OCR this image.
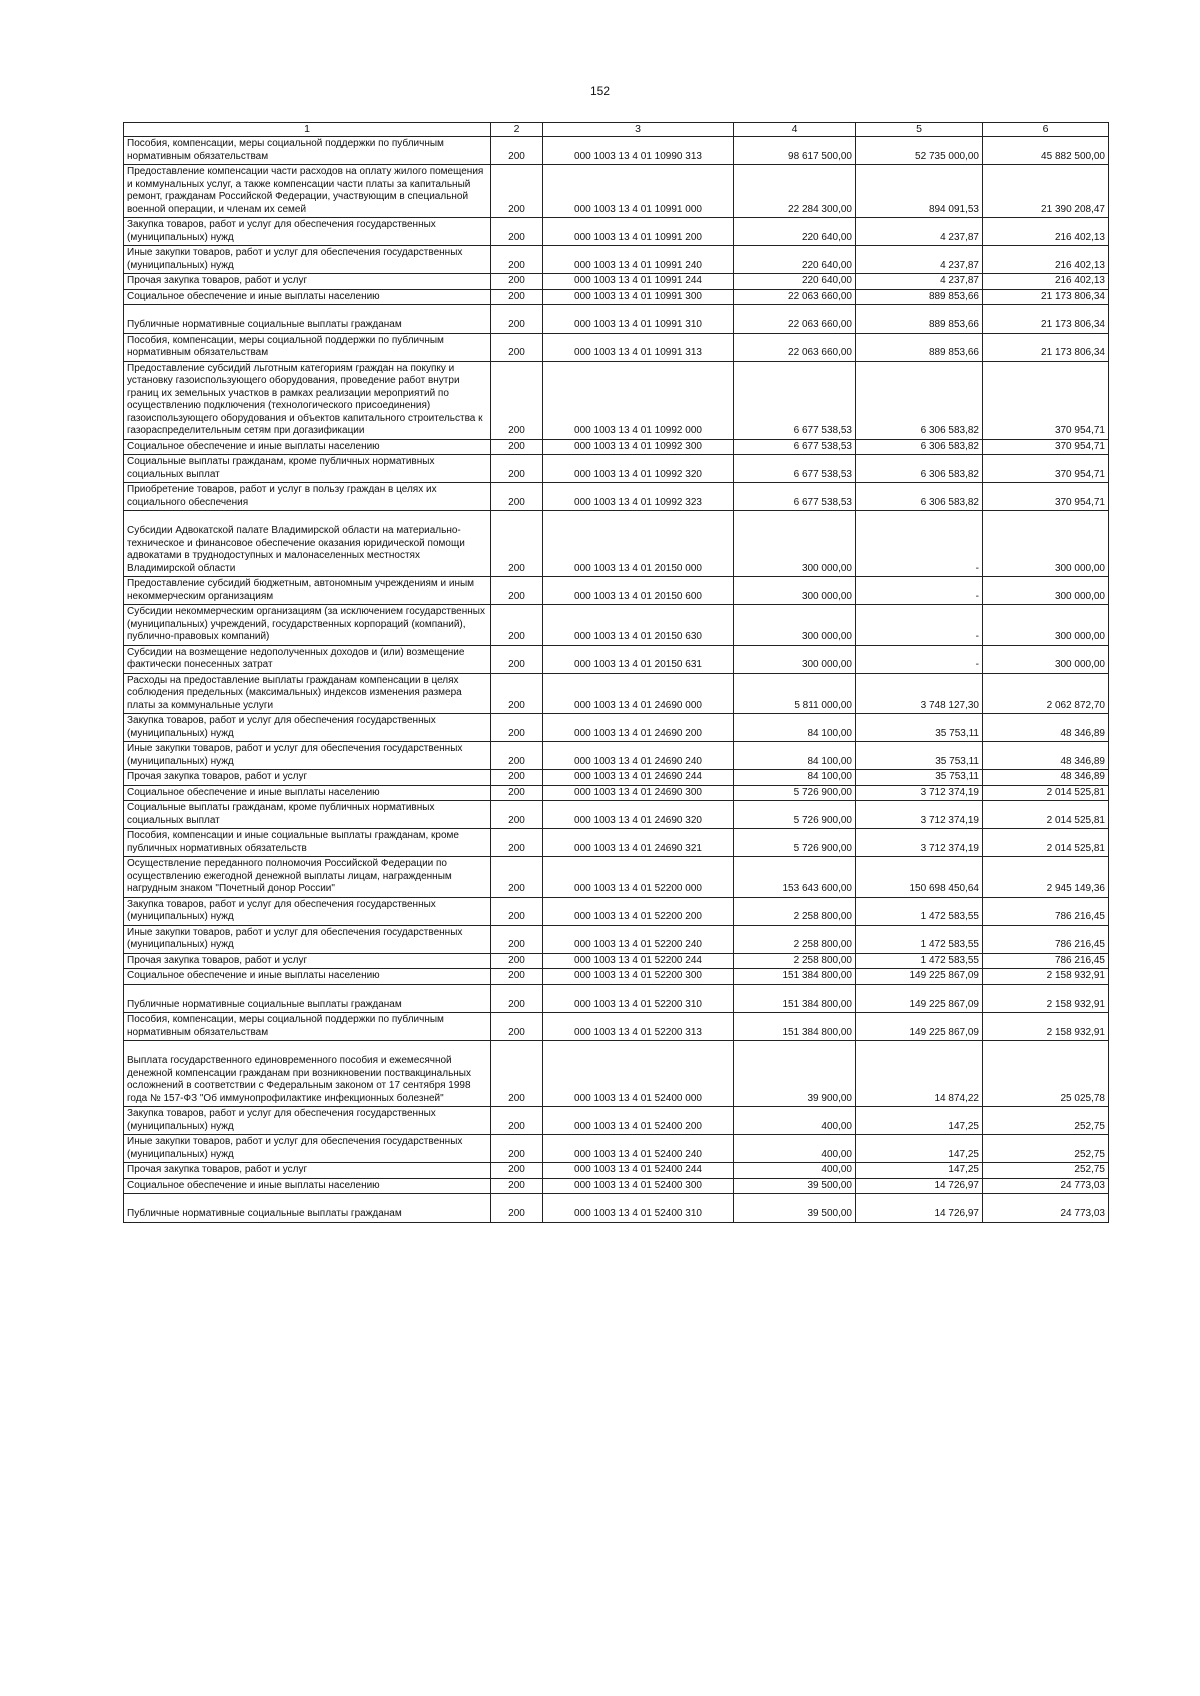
152
1	2	3	4	5	6
Пособия, компенсации, меры социальной поддержки по публичным нормативным обязательствам	200	000 1003 13 4 01 10990 313	98 617 500,00	52 735 000,00	45 882 500,00
Предоставление компенсации части расходов на оплату жилого помещения и коммунальных услуг, а также компенсации части платы за капитальный ремонт, гражданам Российской Федерации, участвующим в специальной военной операции, и членам их семей	200	000 1003 13 4 01 10991 000	22 284 300,00	894 091,53	21 390 208,47
Закупка товаров, работ и услуг для обеспечения государственных (муниципальных) нужд	200	000 1003 13 4 01 10991 200	220 640,00	4 237,87	216 402,13
Иные закупки товаров, работ и услуг для обеспечения государственных (муниципальных) нужд	200	000 1003 13 4 01 10991 240	220 640,00	4 237,87	216 402,13
Прочая закупка товаров, работ и услуг	200	000 1003 13 4 01 10991 244	220 640,00	4 237,87	216 402,13
Социальное обеспечение и иные выплаты населению	200	000 1003 13 4 01 10991 300	22 063 660,00	889 853,66	21 173 806,34
Публичные нормативные социальные выплаты гражданам	200	000 1003 13 4 01 10991 310	22 063 660,00	889 853,66	21 173 806,34
Пособия, компенсации, меры социальной поддержки по публичным нормативным обязательствам	200	000 1003 13 4 01 10991 313	22 063 660,00	889 853,66	21 173 806,34
Предоставление субсидий льготным категориям граждан на покупку и установку газоиспользующего оборудования, проведение работ внутри границ их земельных участков в рамках реализации мероприятий по осуществлению подключения (технологического присоединения) газоиспользующего оборудования и объектов капитального строительства к газораспределительным сетям при догазификации	200	000 1003 13 4 01 10992 000	6 677 538,53	6 306 583,82	370 954,71
Социальное обеспечение и иные выплаты населению	200	000 1003 13 4 01 10992 300	6 677 538,53	6 306 583,82	370 954,71
Социальные выплаты гражданам, кроме публичных нормативных социальных выплат	200	000 1003 13 4 01 10992 320	6 677 538,53	6 306 583,82	370 954,71
Приобретение товаров, работ и услуг в пользу граждан в целях их социального обеспечения	200	000 1003 13 4 01 10992 323	6 677 538,53	6 306 583,82	370 954,71
Субсидии Адвокатской палате Владимирской области на материально-техническое и финансовое обеспечение оказания юридической помощи адвокатами в труднодоступных и малонаселенных местностях Владимирской области	200	000 1003 13 4 01 20150 000	300 000,00	-	300 000,00
Предоставление субсидий бюджетным, автономным учреждениям и иным некоммерческим организациям	200	000 1003 13 4 01 20150 600	300 000,00	-	300 000,00
Субсидии некоммерческим организациям (за исключением государственных (муниципальных) учреждений, государственных корпораций (компаний), публично-правовых компаний)	200	000 1003 13 4 01 20150 630	300 000,00	-	300 000,00
Субсидии на возмещение недополученных доходов и (или) возмещение фактически понесенных затрат	200	000 1003 13 4 01 20150 631	300 000,00	-	300 000,00
Расходы на предоставление выплаты гражданам компенсации в целях соблюдения предельных (максимальных) индексов изменения размера платы за коммунальные услуги	200	000 1003 13 4 01 24690 000	5 811 000,00	3 748 127,30	2 062 872,70
Закупка товаров, работ и услуг для обеспечения государственных (муниципальных) нужд	200	000 1003 13 4 01 24690 200	84 100,00	35 753,11	48 346,89
Иные закупки товаров, работ и услуг для обеспечения государственных (муниципальных) нужд	200	000 1003 13 4 01 24690 240	84 100,00	35 753,11	48 346,89
Прочая закупка товаров, работ и услуг	200	000 1003 13 4 01 24690 244	84 100,00	35 753,11	48 346,89
Социальное обеспечение и иные выплаты населению	200	000 1003 13 4 01 24690 300	5 726 900,00	3 712 374,19	2 014 525,81
Социальные выплаты гражданам, кроме публичных нормативных социальных выплат	200	000 1003 13 4 01 24690 320	5 726 900,00	3 712 374,19	2 014 525,81
Пособия, компенсации и иные социальные выплаты гражданам, кроме публичных нормативных обязательств	200	000 1003 13 4 01 24690 321	5 726 900,00	3 712 374,19	2 014 525,81
Осуществление переданного полномочия Российской Федерации по осуществлению ежегодной денежной выплаты лицам, награжденным нагрудным знаком "Почетный донор России"	200	000 1003 13 4 01 52200 000	153 643 600,00	150 698 450,64	2 945 149,36
Закупка товаров, работ и услуг для обеспечения государственных (муниципальных) нужд	200	000 1003 13 4 01 52200 200	2 258 800,00	1 472 583,55	786 216,45
Иные закупки товаров, работ и услуг для обеспечения государственных (муниципальных) нужд	200	000 1003 13 4 01 52200 240	2 258 800,00	1 472 583,55	786 216,45
Прочая закупка товаров, работ и услуг	200	000 1003 13 4 01 52200 244	2 258 800,00	1 472 583,55	786 216,45
Социальное обеспечение и иные выплаты населению	200	000 1003 13 4 01 52200 300	151 384 800,00	149 225 867,09	2 158 932,91
Публичные нормативные социальные выплаты гражданам	200	000 1003 13 4 01 52200 310	151 384 800,00	149 225 867,09	2 158 932,91
Пособия, компенсации, меры социальной поддержки по публичным нормативным обязательствам	200	000 1003 13 4 01 52200 313	151 384 800,00	149 225 867,09	2 158 932,91
Выплата государственного единовременного пособия и ежемесячной денежной компенсации гражданам при возникновении поствакцинальных осложнений в соответствии с Федеральным законом от 17 сентября 1998 года № 157-ФЗ "Об иммунопрофилактике инфекционных болезней"	200	000 1003 13 4 01 52400 000	39 900,00	14 874,22	25 025,78
Закупка товаров, работ и услуг для обеспечения государственных (муниципальных) нужд	200	000 1003 13 4 01 52400 200	400,00	147,25	252,75
Иные закупки товаров, работ и услуг для обеспечения государственных (муниципальных) нужд	200	000 1003 13 4 01 52400 240	400,00	147,25	252,75
Прочая закупка товаров, работ и услуг	200	000 1003 13 4 01 52400 244	400,00	147,25	252,75
Социальное обеспечение и иные выплаты населению	200	000 1003 13 4 01 52400 300	39 500,00	14 726,97	24 773,03
Публичные нормативные социальные выплаты гражданам	200	000 1003 13 4 01 52400 310	39 500,00	14 726,97	24 773,03
